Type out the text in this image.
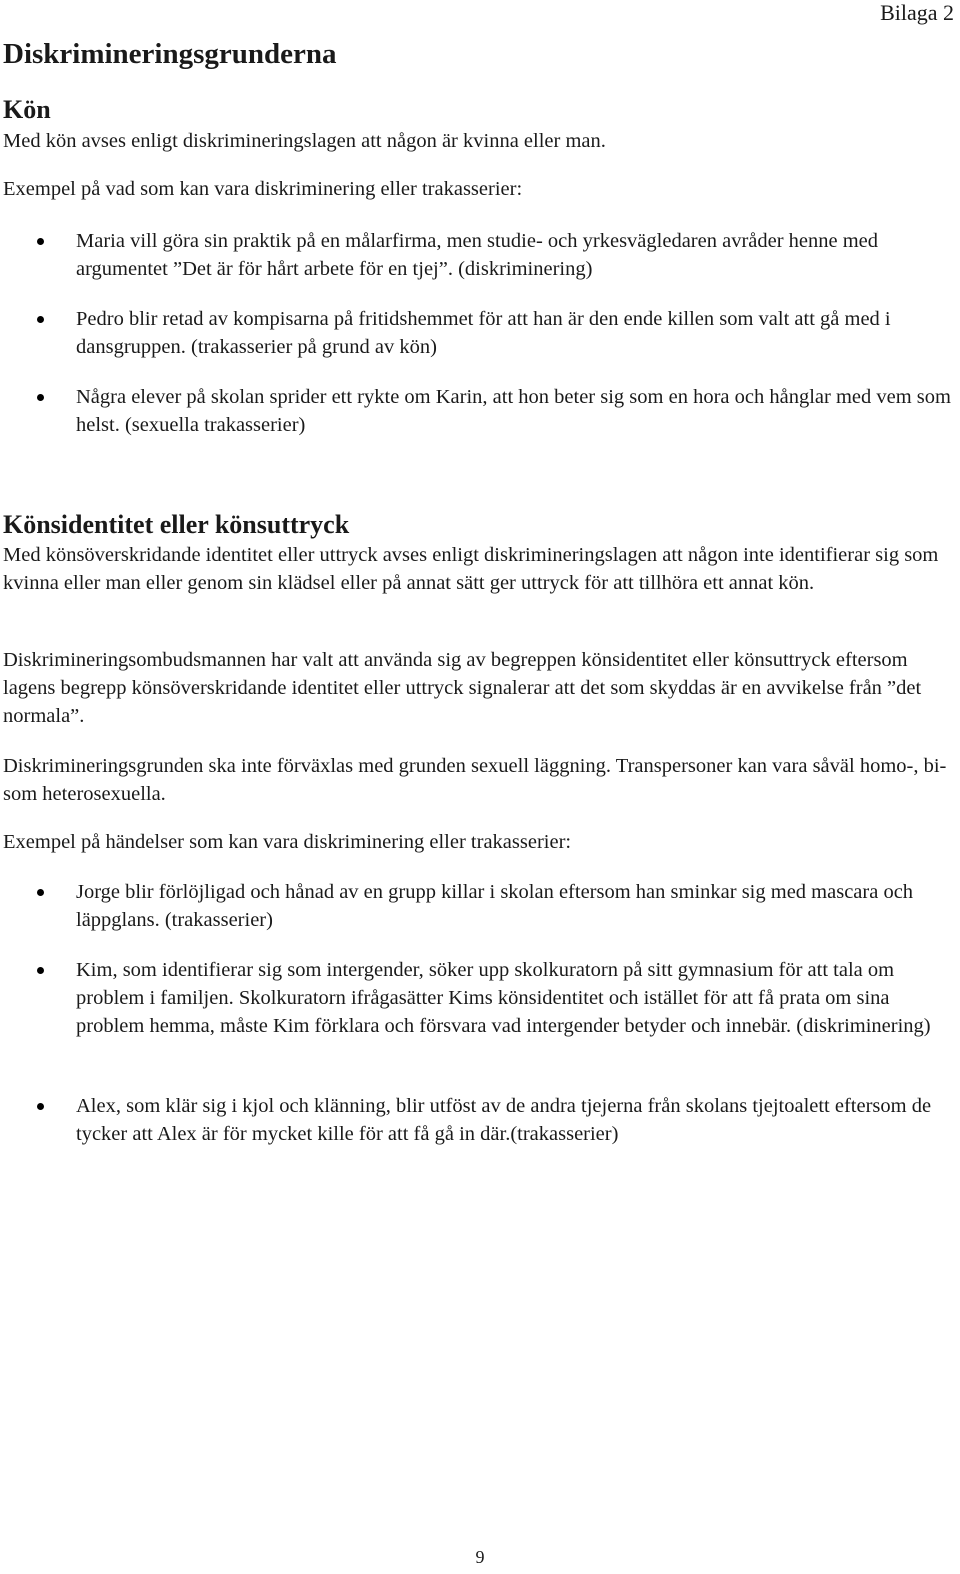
Bilaga 2
Diskrimineringsgrunderna
Kön

Med kön avses enligt diskrimineringslagen att någon är kvinna eller man.

Exempel på vad som kan vara diskriminering eller trakasserier:

Maria vill göra sin praktik på en målarfirma, men studie- och yrkesvägledaren avråder henne med argumentet ”Det är för hårt arbete för en tjej”. (diskriminering)
Pedro blir retad av kompisarna på fritidshemmet för att han är den ende killen som valt att gå med i dansgruppen. (trakasserier på grund av kön)
Några elever på skolan sprider ett rykte om Karin, att hon beter sig som en hora och hånglar med vem som helst. (sexuella trakasserier)
Könsidentitet eller könsuttryck

Med könsöverskridande identitet eller uttryck avses enligt diskrimineringslagen att någon inte identifierar sig som kvinna eller man eller genom sin klädsel eller på annat sätt ger uttryck för att tillhöra ett annat kön.

Diskrimineringsombudsmannen har valt att använda sig av begreppen könsidentitet eller könsuttryck eftersom lagens begrepp könsöverskridande identitet eller uttryck signalerar att det som skyddas är en avvikelse från ”det normala”.

Diskrimineringsgrunden ska inte förväxlas med grunden sexuell läggning. Transpersoner kan vara såväl homo-, bi- som heterosexuella.

Exempel på händelser som kan vara diskriminering eller trakasserier:

Jorge blir förlöjligad och hånad av en grupp killar i skolan eftersom han sminkar sig med mascara och läppglans. (trakasserier)
Kim, som identifierar sig som intergender, söker upp skolkuratorn på sitt gymnasium för att tala om problem i familjen. Skolkuratorn ifrågasätter Kims könsidentitet och istället för att få prata om sina problem hemma, måste Kim förklara och försvara vad intergender betyder och innebär. (diskriminering)
Alex, som klär sig i kjol och klänning, blir utföst av de andra tjejerna från skolans tjejtoalett eftersom de tycker att Alex är för mycket kille för att få gå in där.(trakasserier)
9
